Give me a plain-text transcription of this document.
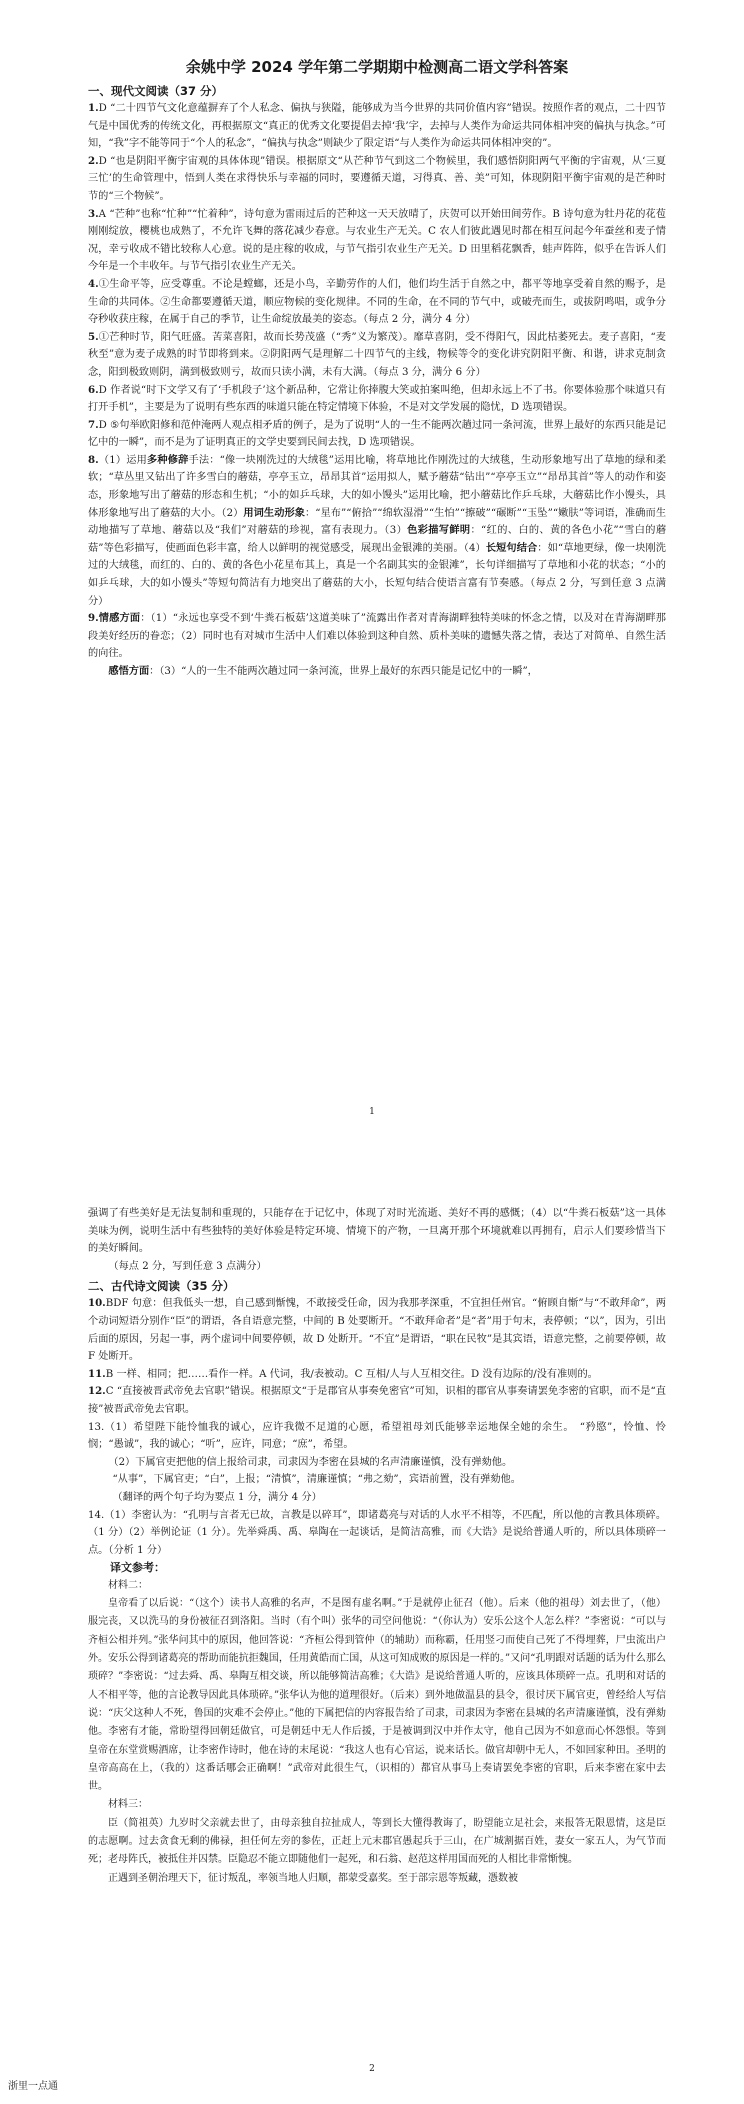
余姚中学 2024 学年第二学期期中检测高二语文学科答案
一、现代文阅读（37 分）

1.D “二十四节气文化意蕴摒弃了个人私念、偏执与狭隘，能够成为当今世界的共同价值内容”错误。按照作者的观点，二十四节气是中国优秀的传统文化，再根据原文“真正的优秀文化要提倡去掉‘我’字，去掉与人类作为命运共同体相冲突的偏执与执念。”可知，“我”字不能等同于“个人的私念”，“偏执与执念”则缺少了限定语“与人类作为命运共同体相冲突的”。

2.D “也是阴阳平衡宇宙观的具体体现”错误。根据原文“从芒种节气到这二个物候里，我们感悟阴阳两气平衡的宇宙观，从‘三夏三忙’的生命管理中，悟到人类在求得快乐与幸福的同时，要遵循天道，习得真、善、美”可知，体现阴阳平衡宇宙观的是芒种时节的“三个物候”。

3.A “芒种”也称“忙种”“忙着种”，诗句意为雷雨过后的芒种这一天天放晴了，庆贺可以开始田间劳作。B 诗句意为牡丹花的花苞刚刚绽放，樱桃也成熟了，不允许飞舞的落花减少春意。与农业生产无关。C 农人们彼此遇见时都在相互问起今年蚕丝和麦子情况，幸亏收成不错比较称人心意。说的是庄稼的收成，与节气指引农业生产无关。D 田里稻花飘香，蛙声阵阵，似乎在告诉人们今年是一个丰收年。与节气指引农业生产无关。

4.①生命平等，应受尊重。不论是螳螂，还是小鸟，辛勤劳作的人们，他们均生活于自然之中，都平等地享受着自然的赐予，是生命的共同体。②生命都要遵循天道，顺应物候的变化规律。不同的生命，在不同的节气中，或破壳而生，或拔阴鸣唱，或争分夺秒收获庄稼，在属于自己的季节，让生命绽放最美的姿态。（每点 2 分，满分 4 分）

5.①芒种时节，阳气旺盛。苦菜喜阳，故而长势茂盛（“秀”义为繁茂）。靡草喜阴，受不得阳气，因此枯萎死去。麦子喜阳，“麦秋至”意为麦子成熟的时节即将到来。②阴阳两气是理解二十四节气的主线，物候等令的变化讲究阴阳平衡、和谐，讲求克制贪念，阳到极致则阴，满到极致则亏，故而只读小满，未有大满。（每点 3 分，满分 6 分）

6.D 作者说“时下文学又有了‘手机段子’这个新品种，它常让你捧腹大笑或拍案叫绝，但却永远上不了书。你要体验那个味道只有打开手机”，主要是为了说明有些东西的味道只能在特定情境下体验，不是对文学发展的隐忧，D 选项错误。

7.D ⑤句举欧阳修和范仲淹两人观点相矛盾的例子，是为了说明“人的一生不能两次趟过同一条河流，世界上最好的东西只能是记忆中的一瞬”，而不是为了证明真正的文学史要到民间去找，D 选项错误。

8.（1）运用多种修辞手法：“像一块刚洗过的大绒毯”运用比喻，将草地比作刚洗过的大绒毯，生动形象地写出了草地的绿和柔软；“草丛里又钻出了许多雪白的蘑菇，亭亭玉立，昂昂其首”运用拟人，赋予蘑菇“钻出”“亭亭玉立”“昂昂其首”等人的动作和姿态，形象地写出了蘑菇的形态和生机；“小的如乒乓球，大的如小馒头”运用比喻，把小蘑菇比作乒乓球，大蘑菇比作小馒头，具体形象地写出了蘑菇的大小。（2）用词生动形象：“星布”“俯拾”“绵软湿滑”“生怕”“擦破”“碾断”“玉坠”“嫩肤”等词语，准确而生动地描写了草地、蘑菇以及“我们”对蘑菇的珍视，富有表现力。（3）色彩描写鲜明：“红的、白的、黄的各色小花”“雪白的蘑菇”等色彩描写，使画面色彩丰富，给人以鲜明的视觉感受，展现出金银滩的美丽。（4）长短句结合：如“草地更绿，像一块刚洗过的大绒毯，而红的、白的、黄的各色小花星布其上，真是一个名副其实的金银滩”，长句详细描写了草地和小花的状态；“小的如乒乓球，大的如小馒头”等短句简洁有力地突出了蘑菇的大小，长短句结合使语言富有节奏感。（每点 2 分，写到任意 3 点满分）

9.情感方面：（1）“永远也享受不到‘牛粪石板菇’这道美味了”流露出作者对青海湖畔独特美味的怀念之情，以及对在青海湖畔那段美好经历的眷恋；（2）同时也有对城市生活中人们难以体验到这种自然、质朴美味的遗憾失落之情，表达了对简单、自然生活的向往。

感悟方面：（3）“人的一生不能两次趟过同一条河流，世界上最好的东西只能是记忆中的一瞬”，

1

强调了有些美好是无法复制和重现的，只能存在于记忆中，体现了对时光流逝、美好不再的感慨；（4）以“牛粪石板菇”这一具体美味为例，说明生活中有些独特的美好体验是特定环境、情境下的产物，一旦离开那个环境就难以再拥有，启示人们要珍惜当下的美好瞬间。

（每点 2 分，写到任意 3 点满分）

二、古代诗文阅读（35 分）

10.BDF 句意：但我低头一想，自己感到惭愧，不敢接受任命，因为我那孝深重，不宜担任州官。“俯顾自惭”与“不敢拜命”，两个动词短语分别作“臣”的谓语，各自语意完整，中间的 B 处要断开。“不敢拜命者”是“者”用于句末，表停顿；“以”，因为，引出后面的原因，另起一事，两个虚词中间要停顿，故 D 处断开。“不宜”是谓语，“职在民牧”是其宾语，语意完整，之前要停顿，故 F 处断开。

11.B 一样、相同；把……看作一样。A 代词，我/表被动。C 互相/人与人互相交往。D 没有边际的/没有准则的。

12.C “直接被晋武帝免去官职”错误。根据原文“于是郡官从事奏免密官”可知，识相的郡官从事奏请罢免李密的官职，而不是“直接”被晋武帝免去官职。

13.（1）希望陛下能怜恤我的诚心，应许我微不足道的心愿，希望祖母刘氏能够幸运地保全她的余生。　“矜愍”，怜恤、怜悯；“愚诚”，我的诚心；“听”，应许，同意；“庶”，希望。

（2）下属官吏把他的信上报给司隶，司隶因为李密在县城的名声清廉谨慎，没有弹劾他。

“从事”，下属官吏；“白”，上报；“清慎”，清廉谨慎；“弗之劾”，宾语前置，没有弹劾他。

（翻译的两个句子均为要点 1 分，满分 4 分）

14.（1）李密认为：“孔明与言者无已故，言教是以碎耳”，即诸葛亮与对话的人水平不相等，不匹配，所以他的言教具体琐碎。（1 分）（2）举例论证（1 分）。先举舜禹、禹、皋陶在一起谈话，是简洁高雅，而《大诰》是说给普通人听的，所以具体琐碎一点。（分析 1 分）

译文参考：

材料二：

皇帝看了以后说：“（这个）读书人高雅的名声，不是图有虚名啊。”于是就停止征召（他）。后来（他的祖母）刘去世了，（他）服完丧，又以洗马的身份被征召到洛阳。当时（有个叫）张华的司空问他说：“（你认为）安乐公这个人怎么样？”李密说：“可以与齐桓公相并列。”张华问其中的原因，他回答说：“齐桓公得到管仲（的辅助）而称霸，任用竖刁而使自己死了不得埋葬，尸虫流出户外。安乐公得到诸葛亮的帮助而能抗拒魏国，任用黄皓而亡国，从这可知成败的原因是一样的。”又问“孔明跟对话题的话为什么那么琐碎？”李密说：“过去舜、禹、皋陶互相交谈，所以能够简洁高雅；《大诰》是说给普通人听的，应该具体琐碎一点。孔明和对话的人不相平等，他的言论教导因此具体琐碎。”张华认为他的道理很好。（后来）到外地做温县的县令，很讨厌下属官吏，曾经给人写信说：“庆父这种人不死，鲁国的灾难不会停止。”他的下属把信的内容报告给了司隶，司隶因为李密在县城的名声清廉谨慎，没有弹劾他。李密有才能，常盼望得回朝廷做官，可是朝廷中无人作后援，于是被调到汉中并作太守，他自己因为不如意而心怀怨恨。等到皇帝在东堂赏赐酒席，让李密作诗时，他在诗的末尾说：“我这人也有心官运，说来话长。做官却朝中无人，不如回家种田。圣明的皇帝高高在上，（我的）这番话哪会正确啊！”武帝对此很生气，（识相的）都官从事马上奏请罢免李密的官职，后来李密在家中去世。

材料三：

臣（简祖英）九岁时父亲就去世了，由母亲独自拉扯成人，等到长大懂得教诲了，盼望能立足社会，来报答无限恩情，这是臣的志愿啊。过去贪食无剩的佛禄，担任何左旁的参佐，正赶上元末郡官愚起兵于三山，在广城割据百姓，妻女一家五人，为气节而死；老母阵氏，被抵住并囚禁。臣隐忍不能立即随他们一起死，和石翁、赵范这样用国而死的人相比非常惭愧。

正遇到圣朝治理天下，征讨叛乱，率领当地人归顺，都蒙受嘉奖。至于部宗恩等叛藏，憑数被

2
浙里一点通
